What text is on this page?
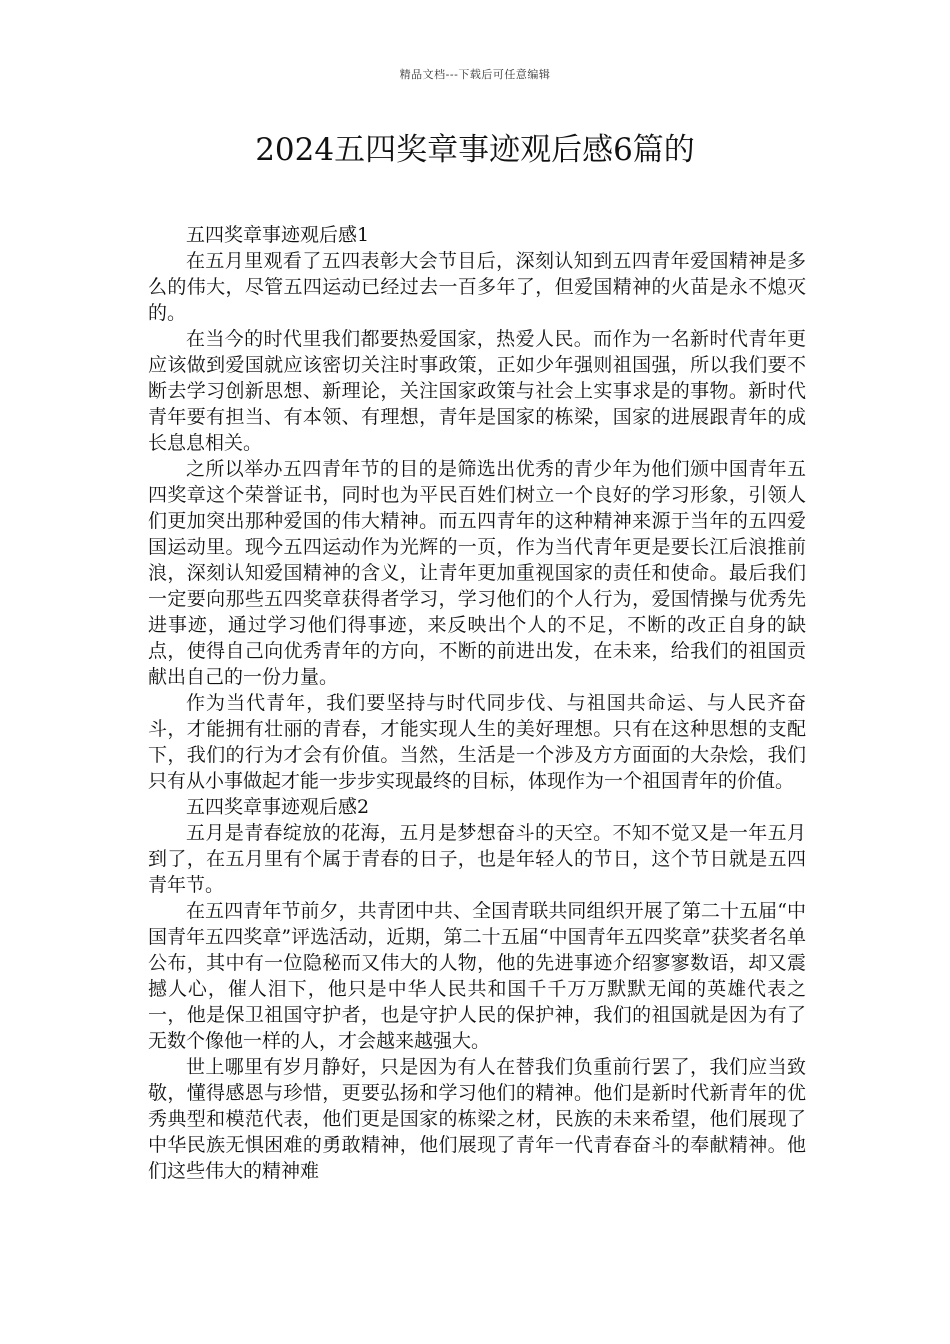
精品文档---下载后可任意编辑
2024五四奖章事迹观后感6篇的

五四奖章事迹观后感1

在五月里观看了五四表彰大会节目后，深刻认知到五四青年爱国精神是多么的伟大，尽管五四运动已经过去一百多年了，但爱国精神的火苗是永不熄灭的。

在当今的时代里我们都要热爱国家，热爱人民。而作为一名新时代青年更应该做到爱国就应该密切关注时事政策，正如少年强则祖国强，所以我们要不断去学习创新思想、新理论，关注国家政策与社会上实事求是的事物。新时代青年要有担当、有本领、有理想，青年是国家的栋梁，国家的进展跟青年的成长息息相关。

之所以举办五四青年节的目的是筛选出优秀的青少年为他们颁中国青年五四奖章这个荣誉证书，同时也为平民百姓们树立一个良好的学习形象，引领人们更加突出那种爱国的伟大精神。而五四青年的这种精神来源于当年的五四爱国运动里。现今五四运动作为光辉的一页，作为当代青年更是要长江后浪推前浪，深刻认知爱国精神的含义，让青年更加重视国家的责任和使命。最后我们一定要向那些五四奖章获得者学习，学习他们的个人行为，爱国情操与优秀先进事迹，通过学习他们得事迹，来反映出个人的不足，不断的改正自身的缺点，使得自己向优秀青年的方向，不断的前进出发，在未来，给我们的祖国贡献出自己的一份力量。

作为当代青年，我们要坚持与时代同步伐、与祖国共命运、与人民齐奋斗，才能拥有壮丽的青春，才能实现人生的美好理想。只有在这种思想的支配下，我们的行为才会有价值。当然，生活是一个涉及方方面面的大杂烩，我们只有从小事做起才能一步步实现最终的目标，体现作为一个祖国青年的价值。

五四奖章事迹观后感2

五月是青春绽放的花海，五月是梦想奋斗的天空。不知不觉又是一年五月到了，在五月里有个属于青春的日子，也是年轻人的节日，这个节日就是五四青年节。

在五四青年节前夕，共青团中共、全国青联共同组织开展了第二十五届“中国青年五四奖章”评选活动，近期，第二十五届“中国青年五四奖章”获奖者名单公布，其中有一位隐秘而又伟大的人物，他的先进事迹介绍寥寥数语，却又震撼人心，催人泪下，他只是中华人民共和国千千万万默默无闻的英雄代表之一，他是保卫祖国守护者，也是守护人民的保护神，我们的祖国就是因为有了无数个像他一样的人，才会越来越强大。

世上哪里有岁月静好，只是因为有人在替我们负重前行罢了，我们应当致敬，懂得感恩与珍惜，更要弘扬和学习他们的精神。他们是新时代新青年的优秀典型和模范代表，他们更是国家的栋梁之材，民族的未来希望，他们展现了中华民族无惧困难的勇敢精神，他们展现了青年一代青春奋斗的奉献精神。他们这些伟大的精神难
